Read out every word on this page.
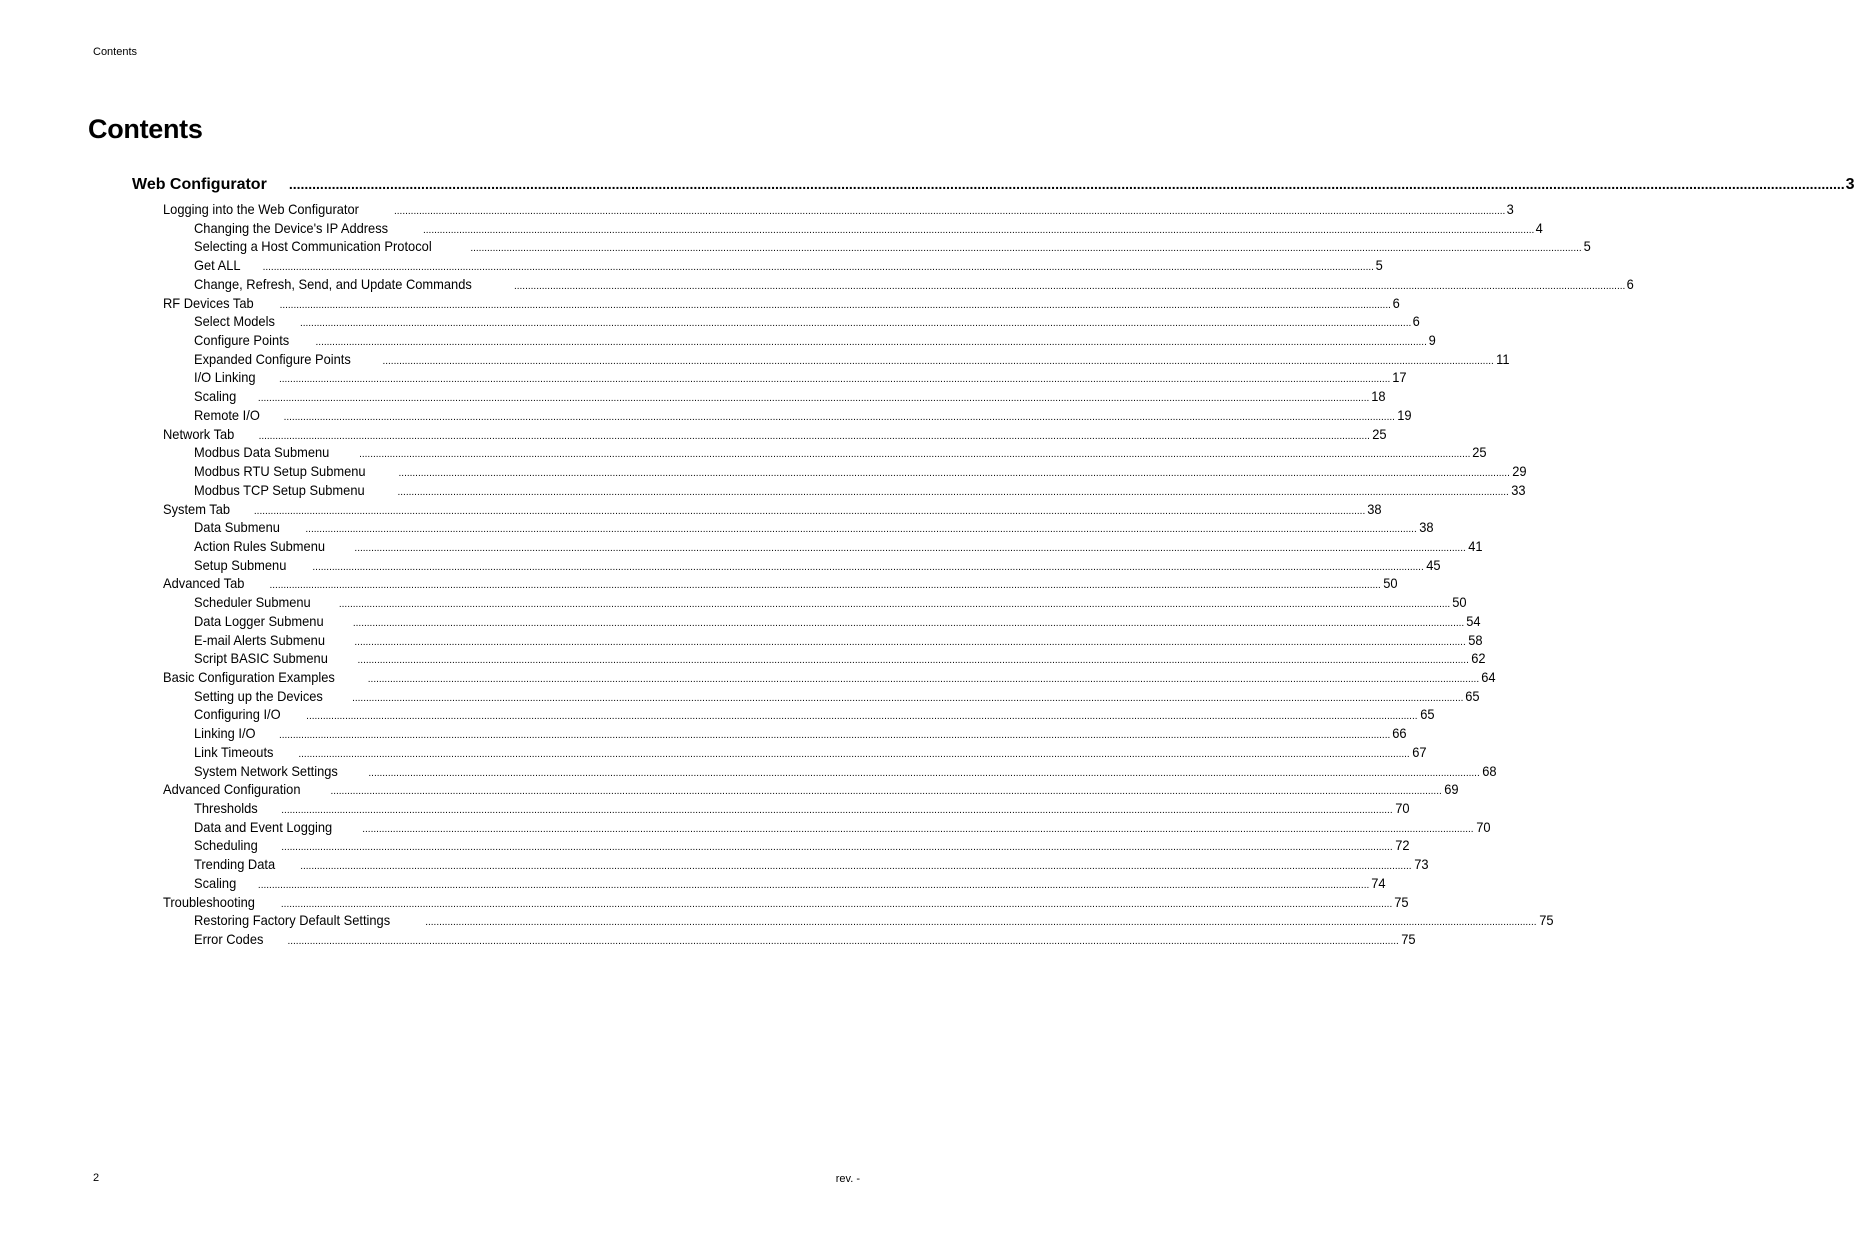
Contents
Contents
Web Configurator ................................................................................................................................................................................................................................................................................................................................................................................................................ 3
Logging into the Web Configurator	................................................................................................................................................................................................................................................................................................................................................................................................................ 3
Changing the Device's IP Address	................................................................................................................................................................................................................................................................................................................................................................................................................ 4
Selecting a Host Communication Protocol	................................................................................................................................................................................................................................................................................................................................................................................................................ 5
Get ALL ................................................................................................................................................................................................................................................................................................................................................................................................................ 5
Change, Refresh, Send, and Update Commands	................................................................................................................................................................................................................................................................................................................................................................................................................ 6
RF Devices Tab	................................................................................................................................................................................................................................................................................................................................................................................................................ 6
Select Models	................................................................................................................................................................................................................................................................................................................................................................................................................ 6
Configure Points	................................................................................................................................................................................................................................................................................................................................................................................................................ 9
Expanded Configure Points	................................................................................................................................................................................................................................................................................................................................................................................................................ 11
I/O Linking ................................................................................................................................................................................................................................................................................................................................................................................................................ 17
Scaling ................................................................................................................................................................................................................................................................................................................................................................................................................ 18
Remote I/O ................................................................................................................................................................................................................................................................................................................................................................................................................ 19
Network Tab ................................................................................................................................................................................................................................................................................................................................................................................................................ 25
Modbus Data Submenu	................................................................................................................................................................................................................................................................................................................................................................................................................ 25
Modbus RTU Setup Submenu	................................................................................................................................................................................................................................................................................................................................................................................................................ 29
Modbus TCP Setup Submenu	................................................................................................................................................................................................................................................................................................................................................................................................................ 33
System Tab ................................................................................................................................................................................................................................................................................................................................................................................................................ 38
Data Submenu	................................................................................................................................................................................................................................................................................................................................................................................................................ 38
Action Rules Submenu	................................................................................................................................................................................................................................................................................................................................................................................................................ 41
Setup Submenu	................................................................................................................................................................................................................................................................................................................................................................................................................ 45
Advanced Tab	................................................................................................................................................................................................................................................................................................................................................................................................................ 50
Scheduler Submenu	................................................................................................................................................................................................................................................................................................................................................................................................................ 50
Data Logger Submenu	................................................................................................................................................................................................................................................................................................................................................................................................................ 54
E-mail Alerts Submenu	................................................................................................................................................................................................................................................................................................................................................................................................................ 58
Script BASIC Submenu	................................................................................................................................................................................................................................................................................................................................................................................................................ 62
Basic Configuration Examples	................................................................................................................................................................................................................................................................................................................................................................................................................ 64
Setting up the Devices	................................................................................................................................................................................................................................................................................................................................................................................................................ 65
Configuring I/O	................................................................................................................................................................................................................................................................................................................................................................................................................ 65
Linking I/O ................................................................................................................................................................................................................................................................................................................................................................................................................ 66
Link Timeouts ................................................................................................................................................................................................................................................................................................................................................................................................................ 67
System Network Settings	................................................................................................................................................................................................................................................................................................................................................................................................................ 68
Advanced Configuration	................................................................................................................................................................................................................................................................................................................................................................................................................ 69
Thresholds ................................................................................................................................................................................................................................................................................................................................................................................................................ 70
Data and Event Logging	................................................................................................................................................................................................................................................................................................................................................................................................................ 70
Scheduling ................................................................................................................................................................................................................................................................................................................................................................................................................ 72
Trending Data	................................................................................................................................................................................................................................................................................................................................................................................................................ 73
Scaling ................................................................................................................................................................................................................................................................................................................................................................................................................ 74
Troubleshooting	................................................................................................................................................................................................................................................................................................................................................................................................................ 75
Restoring Factory Default Settings	................................................................................................................................................................................................................................................................................................................................................................................................................ 75
Error Codes ................................................................................................................................................................................................................................................................................................................................................................................................................ 75
2	rev. -
